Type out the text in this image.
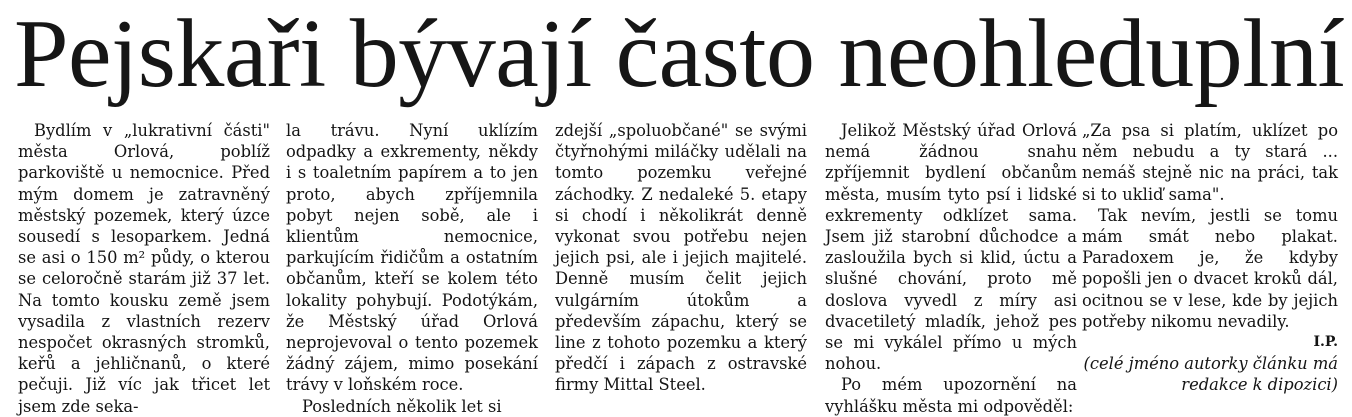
Pejskaři bývají často neohleduplní

Bydlím v „lukrativní části" města Orlová, poblíž parkoviště u nemocnice. Před mým domem je zatravněný městský pozemek, který úzce sousedí s lesoparkem. Jedná se asi o 150 m² půdy, o kterou se celoročně starám již 37 let. Na tomto kousku země jsem vysadila z vlastních rezerv nespočet okrasných stromků, keřů a jehličnanů, o které pečuji. Již víc jak třicet let jsem zde seka-

la trávu. Nyní uklízím odpadky a exkrementy, někdy i s toaletním papírem a to jen proto, abych zpříjemnila pobyt nejen sobě, ale i klientům nemocnice, parkujícím řidičům a ostatním občanům, kteří se kolem této lokality pohybují. Podotýkám, že Městský úřad Orlová neprojevoval o tento pozemek žádný zájem, mimo posekání trávy v loňském roce.

Posledních několik let si

zdejší „spoluobčané" se svými čtyřnohými miláčky udělali na tomto pozemku veřejné záchodky. Z nedaleké 5. etapy si chodí i několikrát denně vykonat svou potřebu nejen jejich psi, ale i jejich majitelé. Denně musím čelit jejich vulgárním útokům a především zápachu, který se line z tohoto pozemku a který předčí i zápach z ostravské firmy Mittal Steel.

Jelikož Městský úřad Orlová nemá žádnou snahu zpříjemnit bydlení občanům města, musím tyto psí i lidské exkrementy odklízet sama. Jsem již starobní důchodce a zasloužila bych si klid, úctu a slušné chování, proto mě doslova vyvedl z míry asi dvacetiletý mladík, jehož pes se mi vykálel přímo u mých nohou.

Po mém upozornění na vyhlášku města mi odpověděl:

„Za psa si platím, uklízet po něm nebudu a ty stará ... nemáš stejně nic na práci, tak si to ukliď sama".

Tak nevím, jestli se tomu mám smát nebo plakat. Paradoxem je, že kdyby popošli jen o dvacet kroků dál, ocitnou se v lese, kde by jejich potřeby nikomu nevadily.

I.P.

(celé jméno autorky článku má redakce k dipozici)
